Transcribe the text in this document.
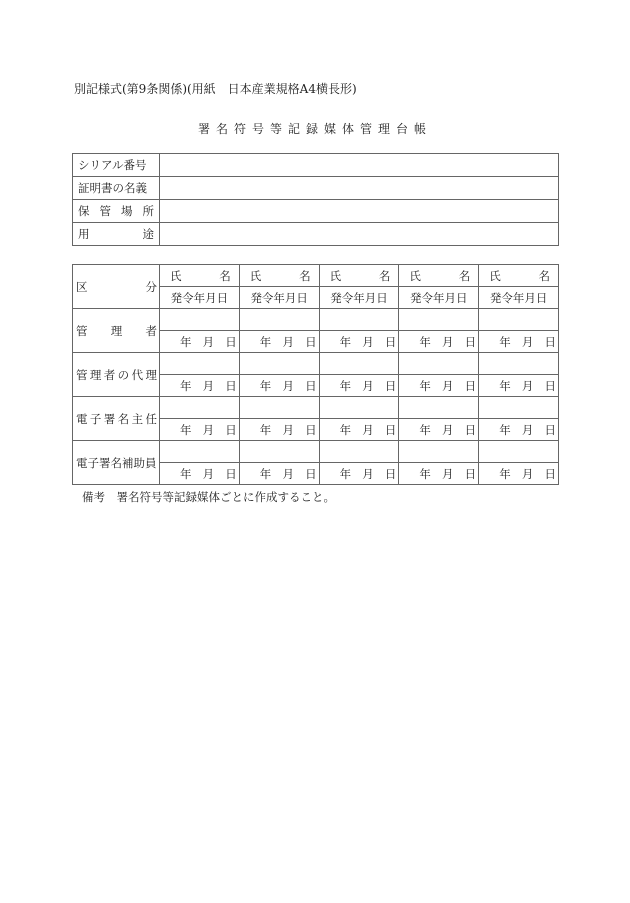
別記様式(第9条関係)(用紙　日本産業規格A4横長形)
署名符号等記録媒体管理台帳
シリアル番号	

証明書の名義	

保 管 場 所	

用 途	

区 分	氏 名	氏 名	氏 名	氏 名	氏 名

	発令年月日	発令年月日	発令年月日	発令年月日	発令年月日

管 理 者					

	年 月 日	年 月 日	年 月 日	年 月 日	年 月 日

管 理 者 の 代 理

	年 月 日	年 月 日	年 月 日	年 月 日	年 月 日

電 子 署 名 主 任

	年 月 日	年 月 日	年 月 日	年 月 日	年 月 日

電子署名補助員					

	年 月 日	年 月 日	年 月 日	年 月 日	年 月 日
備考　署名符号等記録媒体ごとに作成すること。
